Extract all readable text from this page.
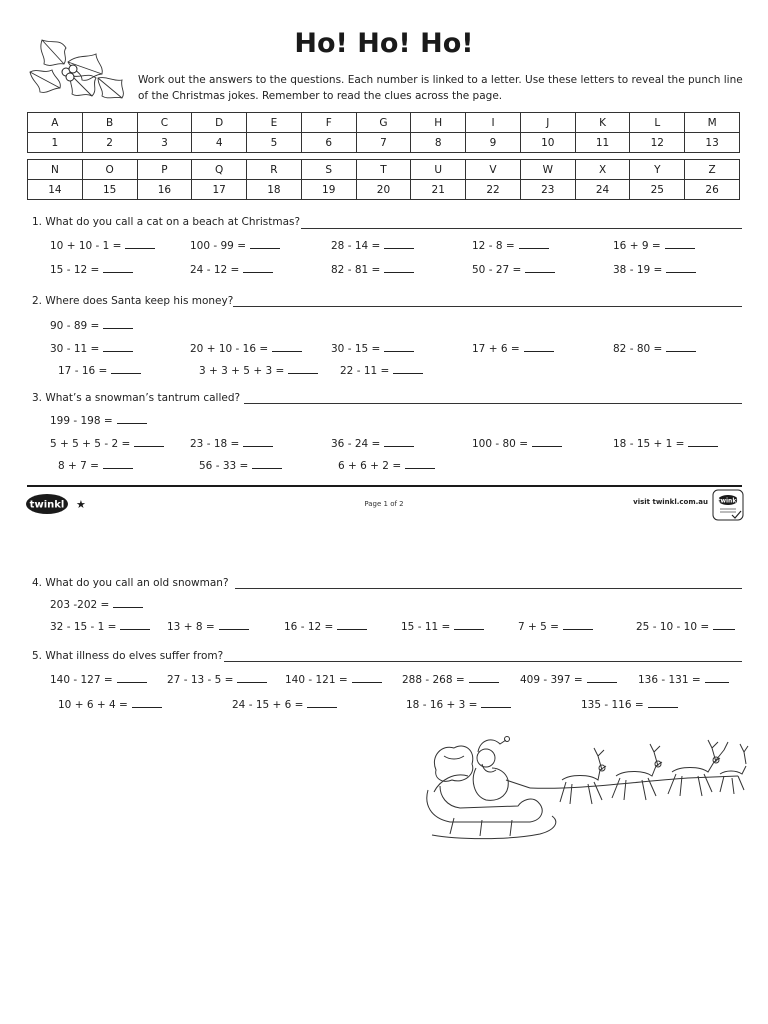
Ho! Ho! Ho!
Work out the answers to the questions. Each number is linked to a letter. Use these letters to reveal the punch line of the Christmas jokes. Remember to read the clues across the page.
A	B	C	D	E	F	G	H	I	J	K	L	M
1	2	3	4	5	6	7	8	9	10	11	12	13
N	O	P	Q	R	S	T	U	V	W	X	Y	Z
14	15	16	17	18	19	20	21	22	23	24	25	26
1. What do you call a cat on a beach at Christmas?
10 + 10 - 1 =	100 - 99 =	28 - 14 =	12 - 8 =	16 + 9 =
15 - 12 =	24 - 12 =	82 - 81 =	50 - 27 =	38 - 19 =
2. Where does Santa keep his money?
90 - 89 =
30 - 11 =	20 + 10 - 16 =	30 - 15 =	17 + 6 =	82 - 80 =
17 - 16 =	3 + 3 + 5 + 3 =	22 - 11 =
3. What’s a snowman’s tantrum called?
199 - 198 =
5 + 5 + 5 - 2 =	23 - 18 =	36 - 24 =	100 - 80 =	18 - 15 + 1 =
8 + 7 =	56 - 33 =	6 + 6 + 2 =
twinkl ★	Page 1 of 2	visit twinkl.com.au twinkl
4. What do you call an old snowman?
203 -202 =
32 - 15 - 1 =	13 + 8 =	16 - 12 =	15 - 11 =	7 + 5 =	25 - 10 - 10 =
5. What illness do elves suffer from?
140 - 127 =	27 - 13 - 5 =	140 - 121 =	288 - 268 =	409 - 397 =	136 - 131 =
10 + 6 + 4 =	24 - 15 + 6 =	18 - 16 + 3 =	135 - 116 =
